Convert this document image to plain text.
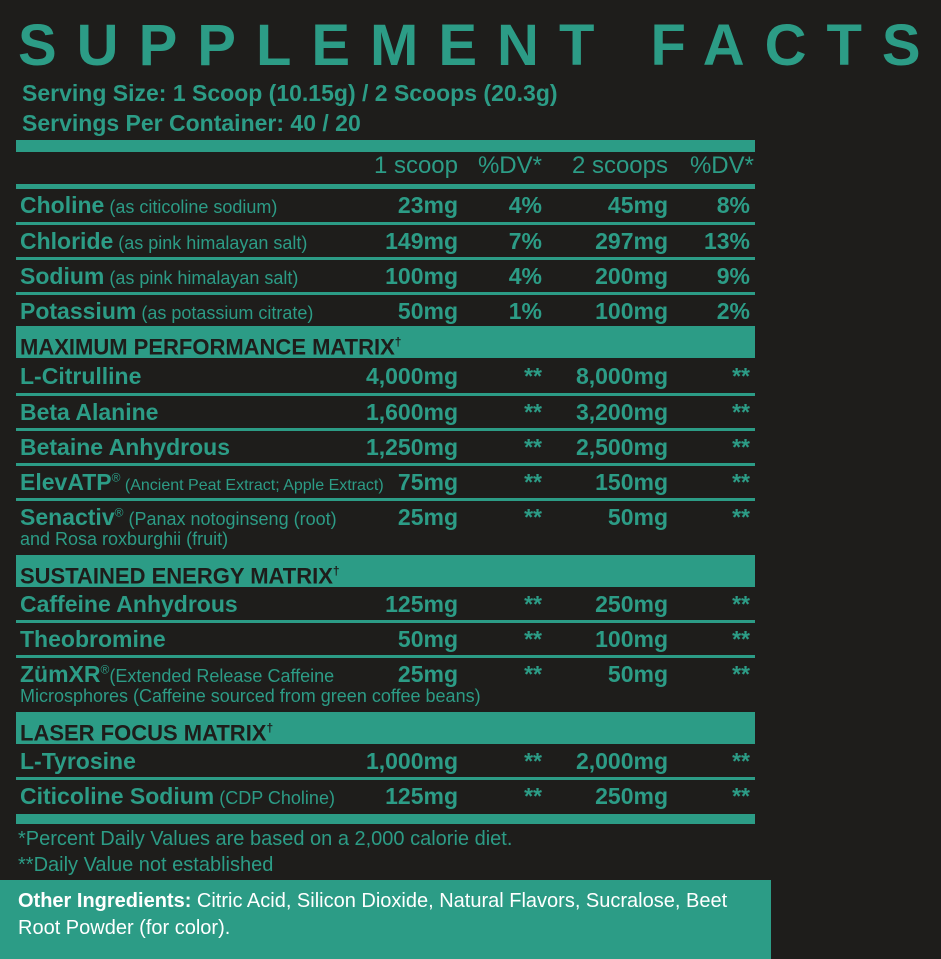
SUPPLEMENT FACTS
Serving Size: 1 Scoop (10.15g) / 2 Scoops (20.3g)
Servings Per Container: 40 / 20
1 scoop %DV*	2 scoops %DV*
Choline (as citicoline sodium)	23mg	4%	45mg	8%
Chloride (as pink himalayan salt)	149mg	7%	297mg	13%
Sodium (as pink himalayan salt)	100mg	4%	200mg	9%
Potassium (as potassium citrate)	50mg	1%	100mg	2%
MAXIMUM PERFORMANCE MATRIX†
L-Citrulline	4,000mg	**	8,000mg	**
Beta Alanine	1,600mg	**	3,200mg	**
Betaine Anhydrous	1,250mg	**	2,500mg	**
ElevATP® (Ancient Peat Extract; Apple Extract) 75mg	**	150mg	**
Senactiv® (Panax notoginseng (root)
and Rosa roxburghii (fruit)
25mg	**	50mg	**
SUSTAINED ENERGY MATRIX†
Caffeine Anhydrous	125mg	**	250mg	**
Theobromine	50mg	**	100mg	**
ZümXR®(Extended Release Caffeine
Microsphores (Caffeine sourced from green coffee beans)
25mg	**	50mg	**
LASER FOCUS MATRIX†
L-Tyrosine	1,000mg	**	2,000mg	**
Citicoline Sodium (CDP Choline)	125mg	**	250mg	**
*Percent Daily Values are based on a 2,000 calorie diet.
**Daily Value not established
Other Ingredients: Citric Acid, Silicon Dioxide, Natural Flavors, Sucralose, Beet Root Powder (for color).
